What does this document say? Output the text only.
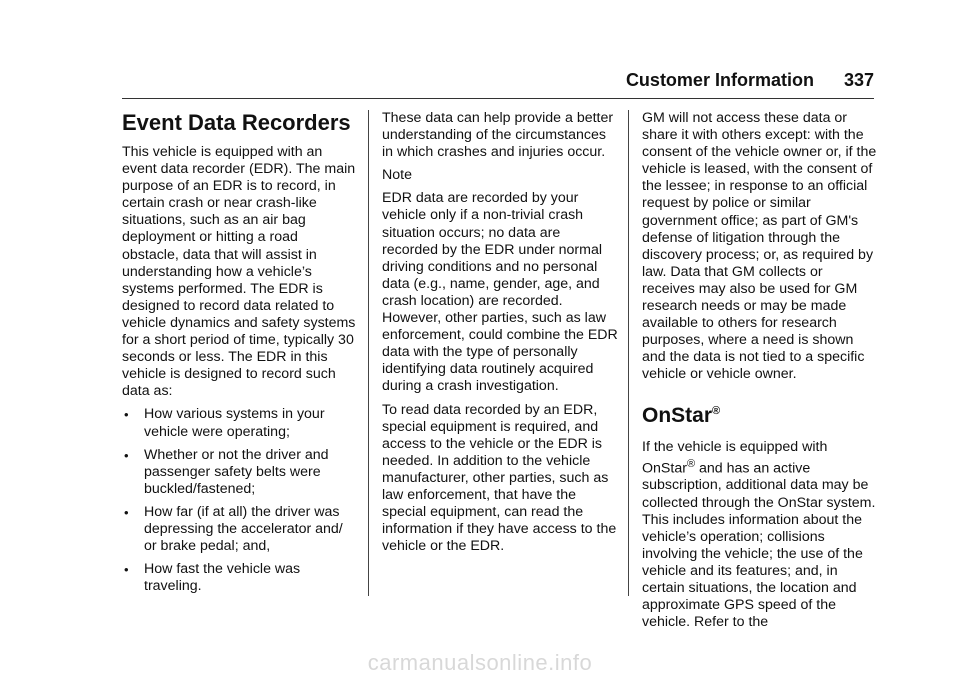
Customer Information 337
Event Data Recorders

This vehicle is equipped with an event data recorder (EDR). The main purpose of an EDR is to record, in certain crash or near crash-like situations, such as an air bag deployment or hitting a road obstacle, data that will assist in understanding how a vehicle’s systems performed. The EDR is designed to record data related to vehicle dynamics and safety systems for a short period of time, typically 30 seconds or less. The EDR in this vehicle is designed to record such data as:

• How various systems in your vehicle were operating;
• Whether or not the driver and passenger safety belts were buckled/fastened;
• How far (if at all) the driver was depressing the accelerator and/ or brake pedal; and,
• How fast the vehicle was traveling.

These data can help provide a better understanding of the circumstances in which crashes and injuries occur.

Note

EDR data are recorded by your vehicle only if a non-trivial crash situation occurs; no data are recorded by the EDR under normal driving conditions and no personal data (e.g., name, gender, age, and crash location) are recorded. However, other parties, such as law enforcement, could combine the EDR data with the type of personally identifying data routinely acquired during a crash investigation.

To read data recorded by an EDR, special equipment is required, and access to the vehicle or the EDR is needed. In addition to the vehicle manufacturer, other parties, such as law enforcement, that have the special equipment, can read the information if they have access to the vehicle or the EDR.

GM will not access these data or share it with others except: with the consent of the vehicle owner or, if the vehicle is leased, with the consent of the lessee; in response to an official request by police or similar government office; as part of GM's defense of litigation through the discovery process; or, as required by law. Data that GM collects or receives may also be used for GM research needs or may be made available to others for research purposes, where a need is shown and the data is not tied to a specific vehicle or vehicle owner.

OnStar®

If the vehicle is equipped with OnStar® and has an active subscription, additional data may be collected through the OnStar system. This includes information about the vehicle’s operation; collisions involving the vehicle; the use of the vehicle and its features; and, in certain situations, the location and approximate GPS speed of the vehicle. Refer to the

carmanualsonline.info
